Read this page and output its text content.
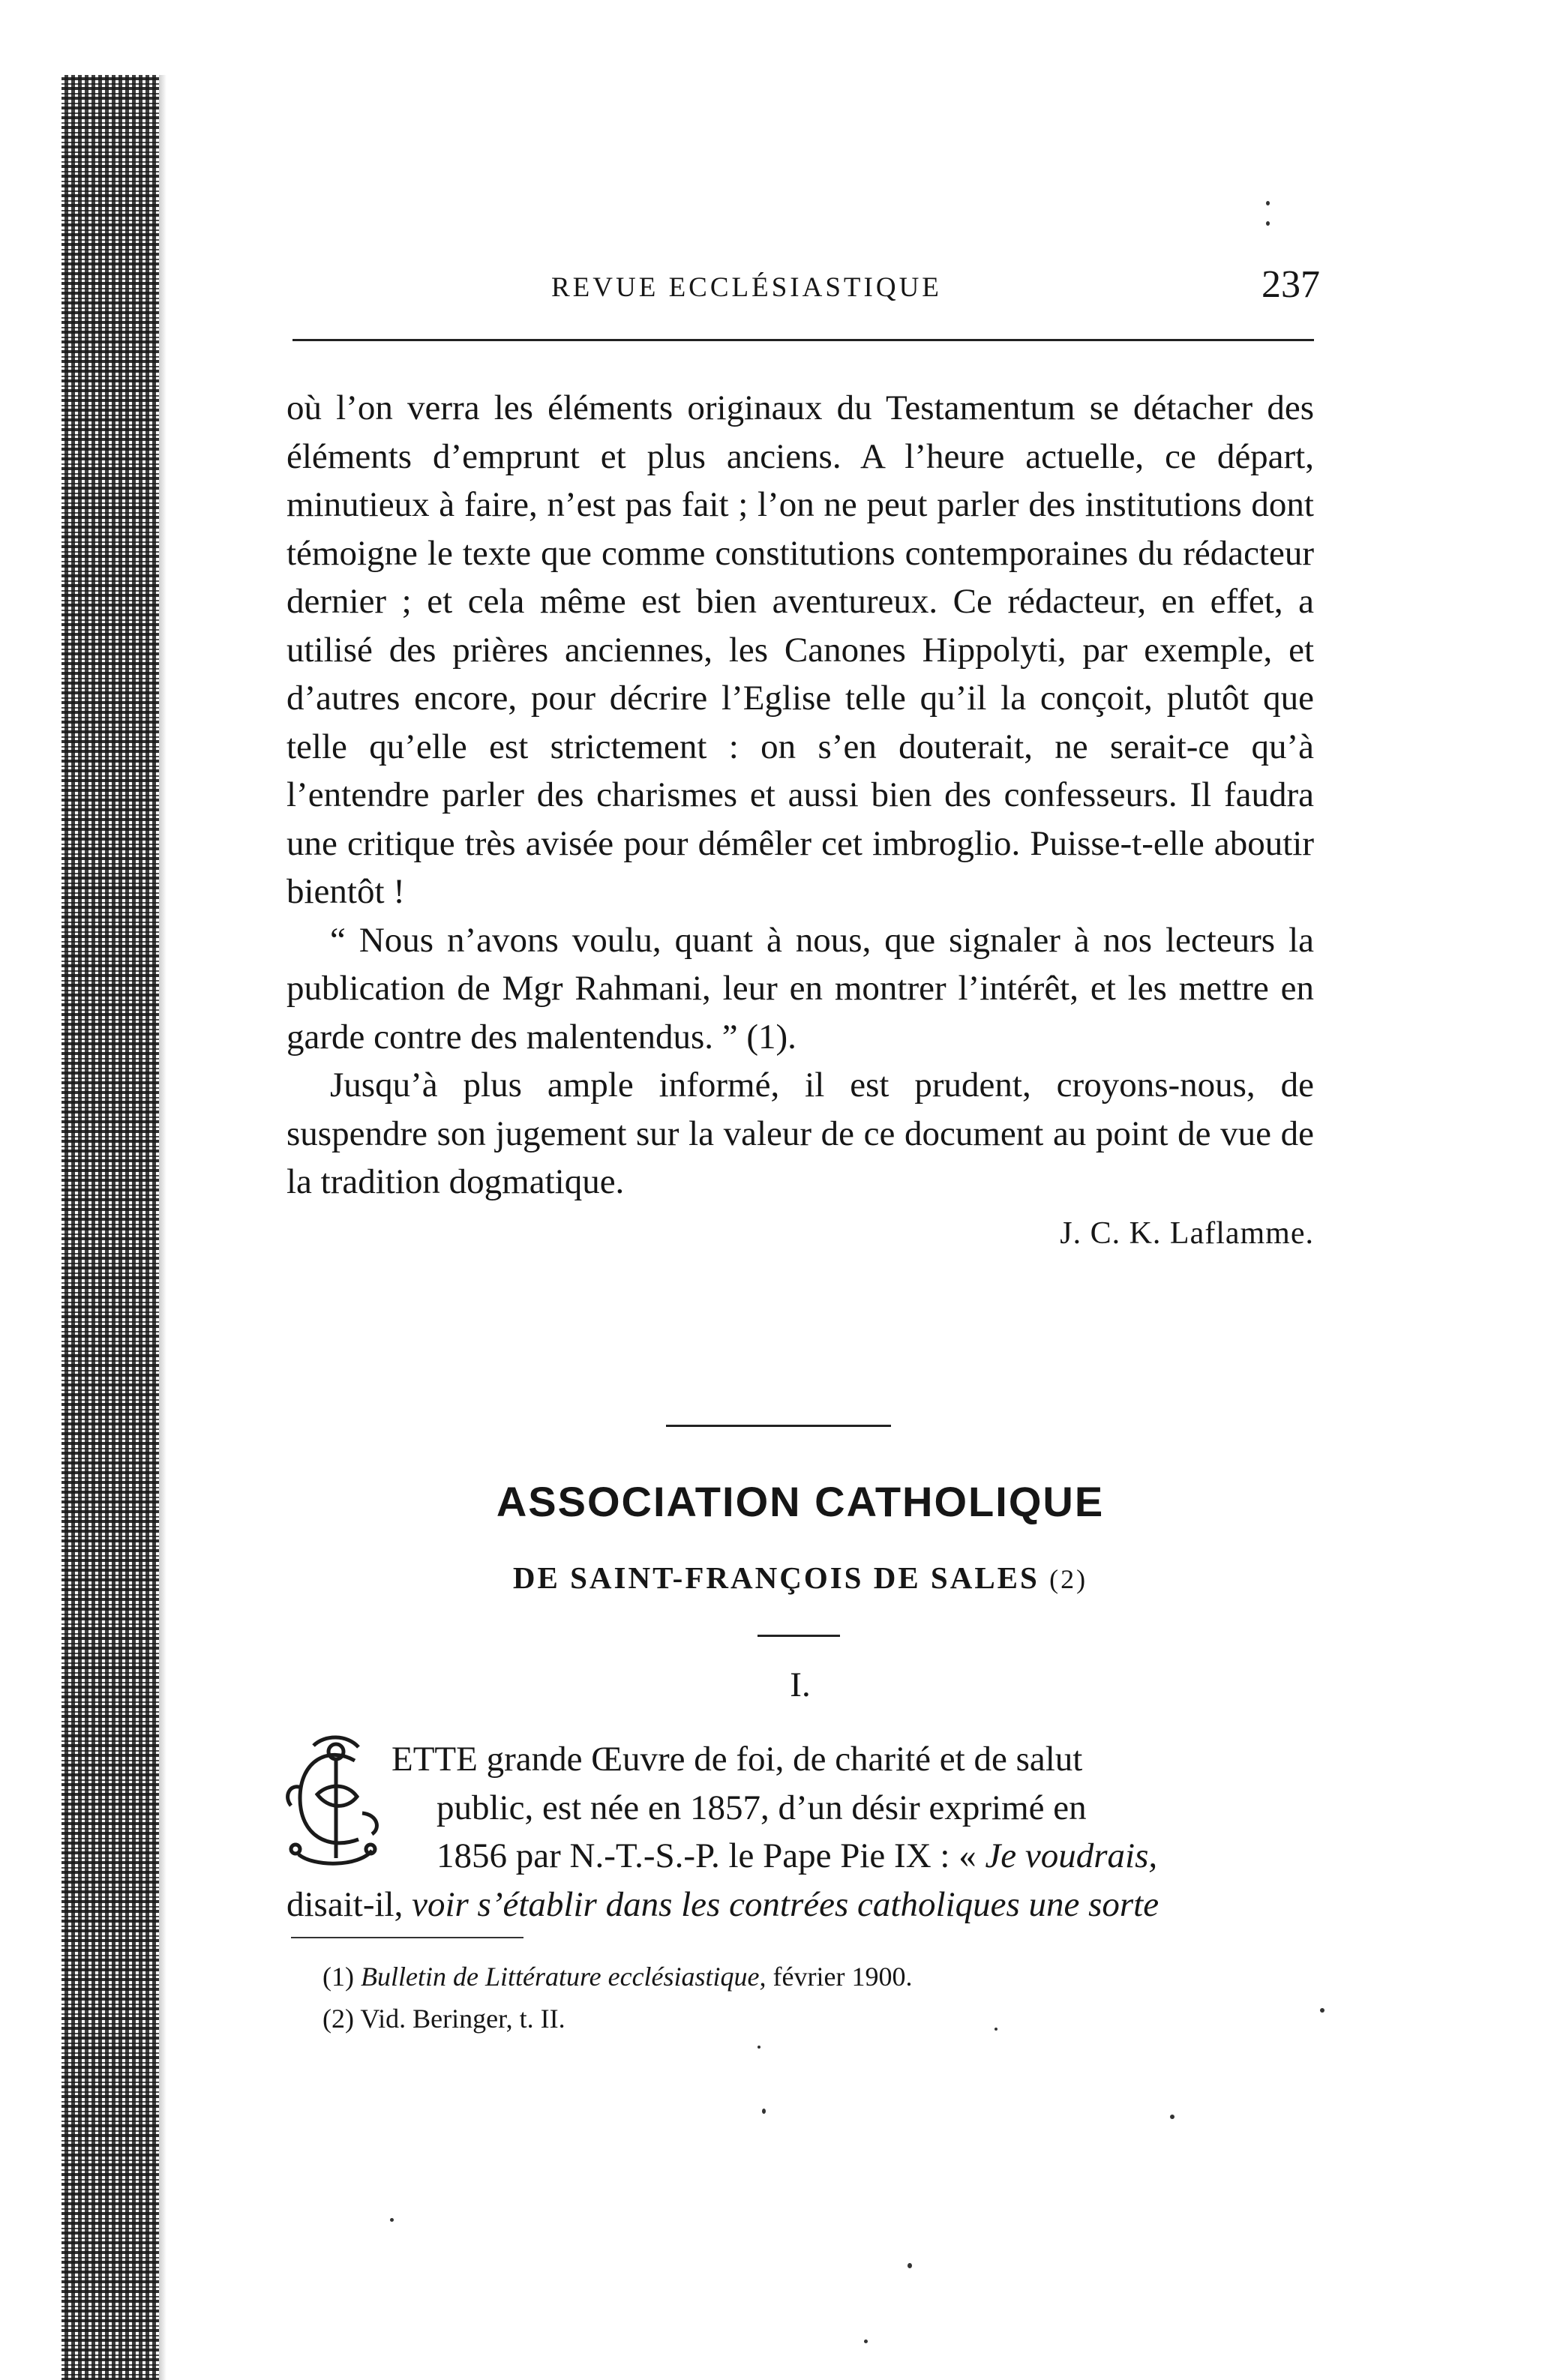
REVUE ECCLÉSIASTIQUE	237

où l’on verra les éléments originaux du Testamentum se détacher des éléments d’emprunt et plus anciens. A l’heure actuelle, ce départ, minutieux à faire, n’est pas fait ; l’on ne peut parler des institutions dont témoigne le texte que comme constitutions contemporaines du rédacteur dernier ; et cela même est bien aventureux. Ce rédacteur, en effet, a utilisé des prières anciennes, les Canones Hippolyti, par exemple, et d’autres encore, pour décrire l’Eglise telle qu’il la conçoit, plutôt que telle qu’elle est strictement : on s’en douterait, ne serait-ce qu’à l’entendre parler des charismes et aussi bien des confesseurs. Il faudra une critique très avisée pour démêler cet imbroglio. Puisse-t-elle aboutir bientôt !

“ Nous n’avons voulu, quant à nous, que signaler à nos lecteurs la publication de Mgr Rahmani, leur en montrer l’intérêt, et les mettre en garde contre des malentendus. ” (1).

Jusqu’à plus ample informé, il est prudent, croyons-nous, de suspendre son jugement sur la valeur de ce document au point de vue de la tradition dogmatique.

J. C. K. Laflamme.
ASSOCIATION CATHOLIQUE
DE SAINT-FRANÇOIS DE SALES (2)
I.
ETTE grande Œuvre de foi, de charité et de salut
public, est née en 1857, d’un désir exprimé en
1856 par N.-T.-S.-P. le Pape Pie IX : « Je voudrais,
disait-il, voir s’établir dans les contrées catholiques une sorte
(1) Bulletin de Littérature ecclésiastique, février 1900.
(2) Vid. Beringer, t. II.
